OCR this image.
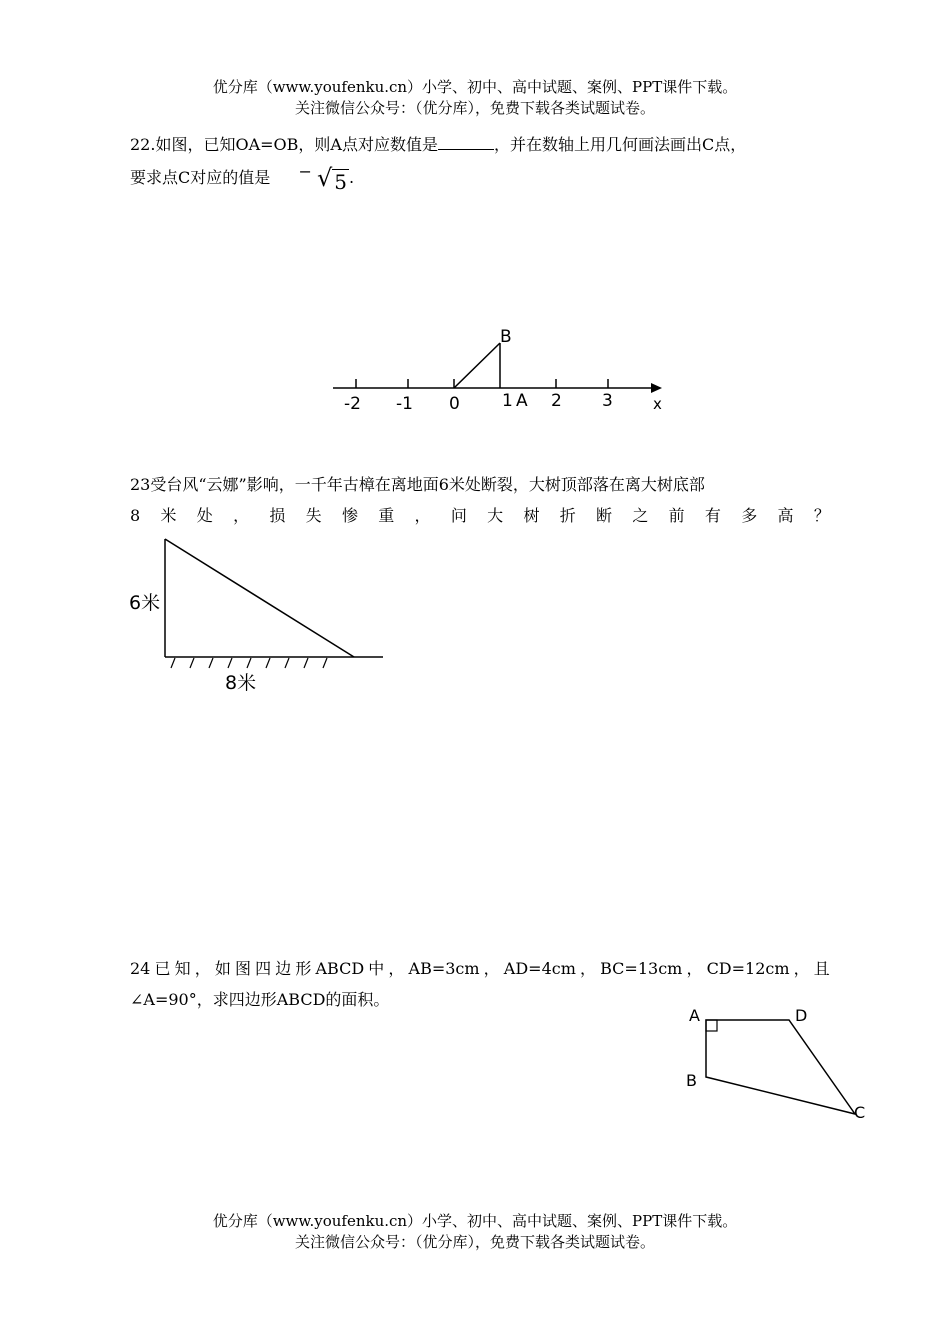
优分库（www.youfenku.cn）小学、初中、高中试题、案例、PPT课件下载。
关注微信公众号：（优分库），免费下载各类试题试卷。
22.如图，已知OA=OB，则A点对应数值是	，并在数轴上用几何画法画出C点，
要求点C对应的值是 − √ 5 .
-2 -1 0 1 A 2 3	x
B
23受台风“云娜”影响，一千年古樟在离地面6米处断裂，大树顶部落在离大树底部
8 米 处 ， 损 失 惨 重 ， 问 大 树 折 断 之 前 有 多 高 ？
6米
8米
24 已 知 ， 如 图 四 边 形 ABCD 中 ， AB=3cm ， AD=4cm ， BC=13cm ， CD=12cm ， 且
∠A=90°，求四边形ABCD的面积。
A	D
B
C
优分库（www.youfenku.cn）小学、初中、高中试题、案例、PPT课件下载。
关注微信公众号：（优分库），免费下载各类试题试卷。
